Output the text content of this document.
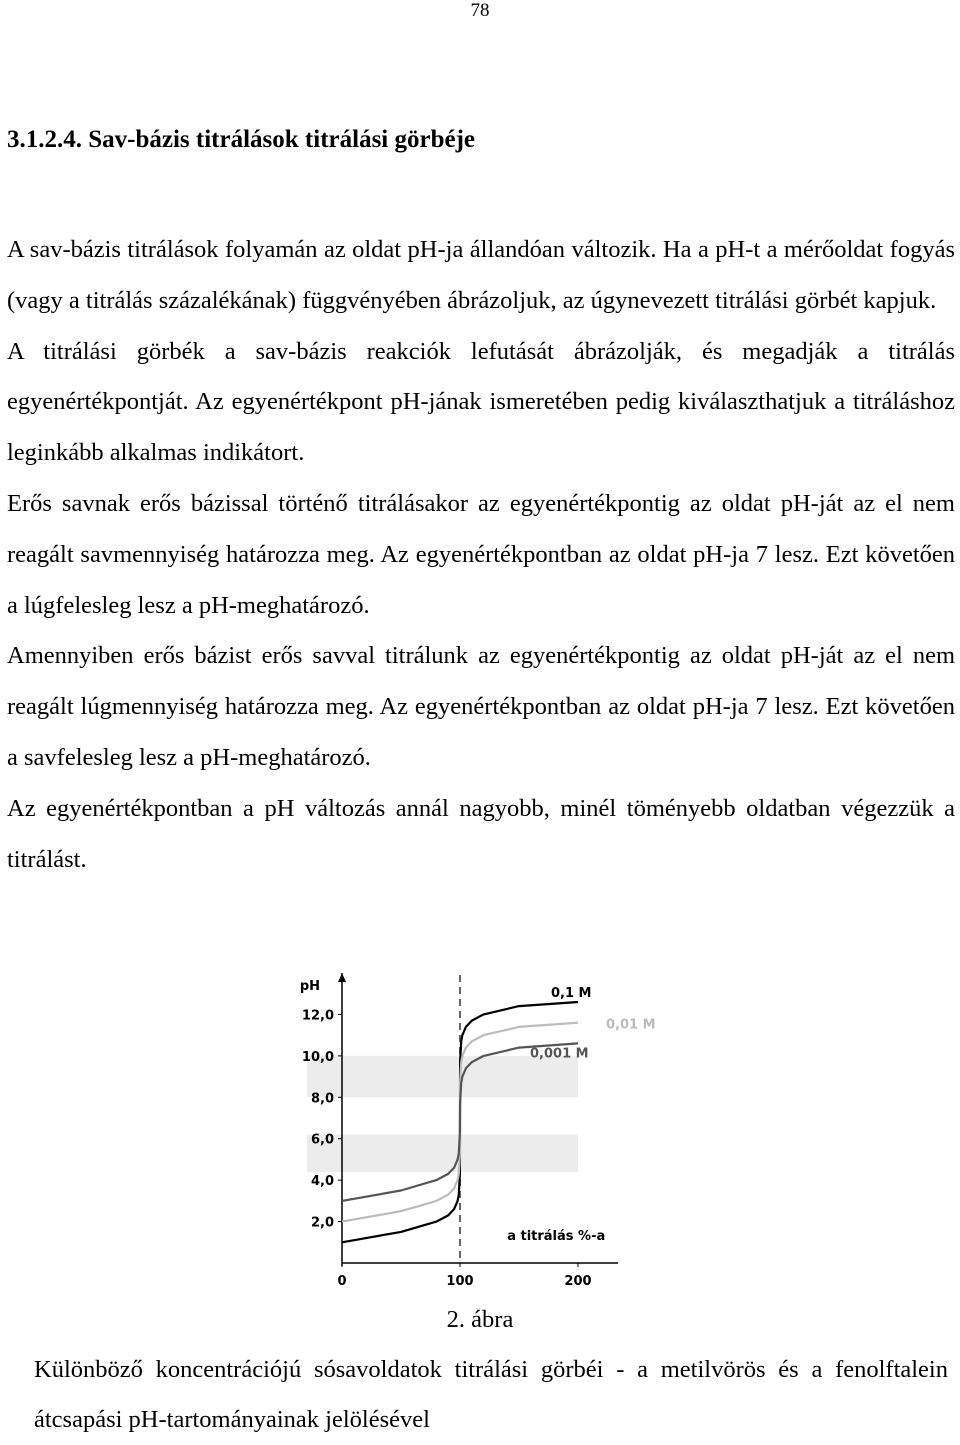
78
3.1.2.4. Sav-bázis titrálások titrálási görbéje

A sav-bázis titrálások folyamán az oldat pH-ja állandóan változik. Ha a pH-t a mérőoldat fogyás (vagy a titrálás százalékának) függvényében ábrázoljuk, az úgynevezett titrálási görbét kapjuk.

A titrálási görbék a sav-bázis reakciók lefutását ábrázolják, és megadják a titrálás egyenértékpontját. Az egyenértékpont pH-jának ismeretében pedig kiválaszthatjuk a titráláshoz leginkább alkalmas indikátort.

Erős savnak erős bázissal történő titrálásakor az egyenértékpontig az oldat pH-ját az el nem reagált savmennyiség határozza meg. Az egyenértékpontban az oldat pH-ja 7 lesz. Ezt követően a lúgfelesleg lesz a pH-meghatározó.

Amennyiben erős bázist erős savval titrálunk az egyenértékpontig az oldat pH-ját az el nem reagált lúgmennyiség határozza meg. Az egyenértékpontban az oldat pH-ja 7 lesz. Ezt követően a savfelesleg lesz a pH-meghatározó.

Az egyenértékpontban a pH változás annál nagyobb, minél töményebb oldatban végezzük a titrálást.

2,0
4,0
6,0
8,0
10,0
12,0
0	100	200
0,1 M
0,01 M
0,001 M
pH
a titrálás %-a

2. ábra

Különböző koncentrációjú sósavoldatok titrálási görbéi - a metilvörös és a fenolftalein átcsapási pH-tartományainak jelölésével
